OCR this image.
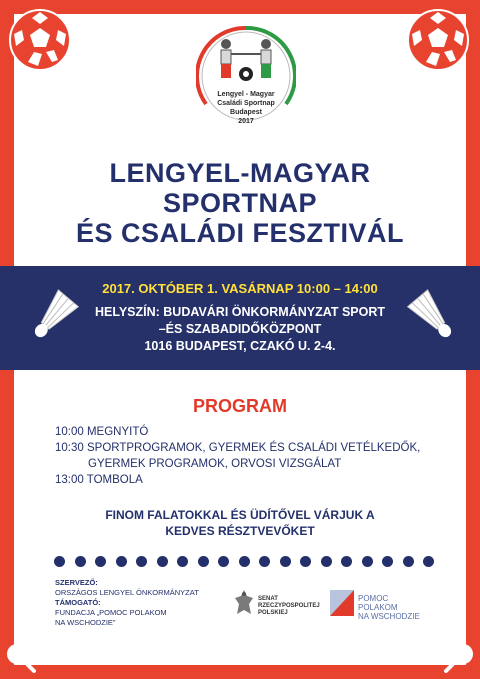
Lengyel - Magyar
Családi Sportnap
Budapest
2017
LENGYEL-MAGYAR
SPORTNAP
ÉS CSALÁDI FESZTIVÁL
2017. OKTÓBER 1. VASÁRNAP 10:00 – 14:00
HELYSZÍN: BUDAVÁRI ÖNKORMÁNYZAT SPORT
–ÉS SZABADIDŐKÖZPONT
1016 BUDAPEST, CZAKÓ U. 2-4.
PROGRAM
10:00 MEGNYITÓ
10:30 SPORTPROGRAMOK, GYERMEK ÉS CSALÁDI VETÉLKEDŐK,
GYERMEK PROGRAMOK, ORVOSI VIZSGÁLAT
13:00 TOMBOLA
FINOM FALATOKKAL ÉS ÜDÍTŐVEL VÁRJUK A
KEDVES RÉSZTVEVŐKET
SZERVEZŐ:
ORSZÁGOS LENGYEL ÖNKORMÁNYZAT
TÁMOGATÓ:
FUNDACJA „POMOC POLAKOM
NA WSCHODZIE"
SENAT
RZECZYPOSPOLITEJ
POLSKIEJ
POMOC
POLAKOM
NA WSCHODZIE
